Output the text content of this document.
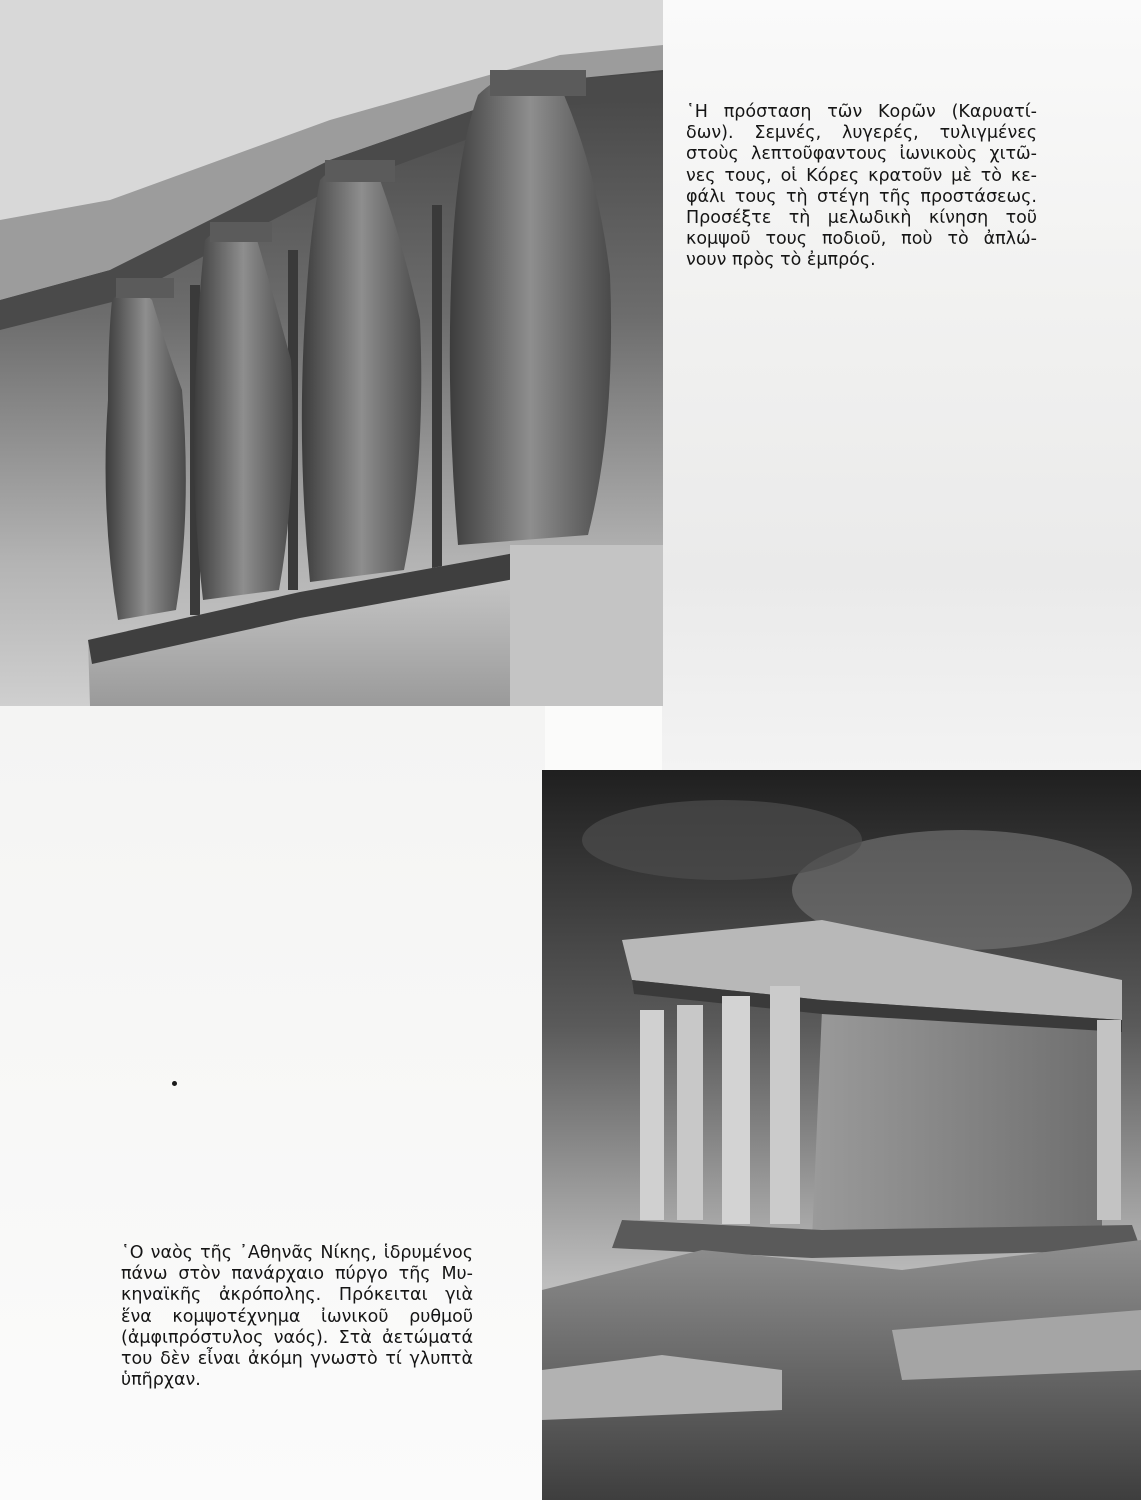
῾Η πρόσταση τῶν Κορῶν (Καρυατί-
δων). Σεμνές, λυγερές, τυλιγμένες
στοὺς λεπτοῦφαντους ἰωνικοὺς χιτῶ-
νες τους, οἱ Κόρες κρατοῦν μὲ τὸ κε-
φάλι τους τὴ στέγη τῆς προστάσεως.
Προσέξτε τὴ μελωδικὴ κίνηση τοῦ
κομψοῦ τους ποδιοῦ, ποὺ τὸ ἀπλώ-
νουν πρὸς τὸ ἐμπρός.

῾Ο ναὸς τῆς ᾿Αθηνᾶς Νίκης, ἱδρυμένος
πάνω στὸν πανάρχαιο πύργο τῆς Μυ-
κηναϊκῆς ἀκρόπολης. Πρόκειται γιὰ
ἕνα κομψοτέχνημα ἰωνικοῦ ρυθμοῦ
(ἀμφιπρόστυλος ναός). Στὰ ἀετώματά
του δὲν εἶναι ἀκόμη γνωστὸ τί γλυπτὰ
ὑπῆρχαν.
